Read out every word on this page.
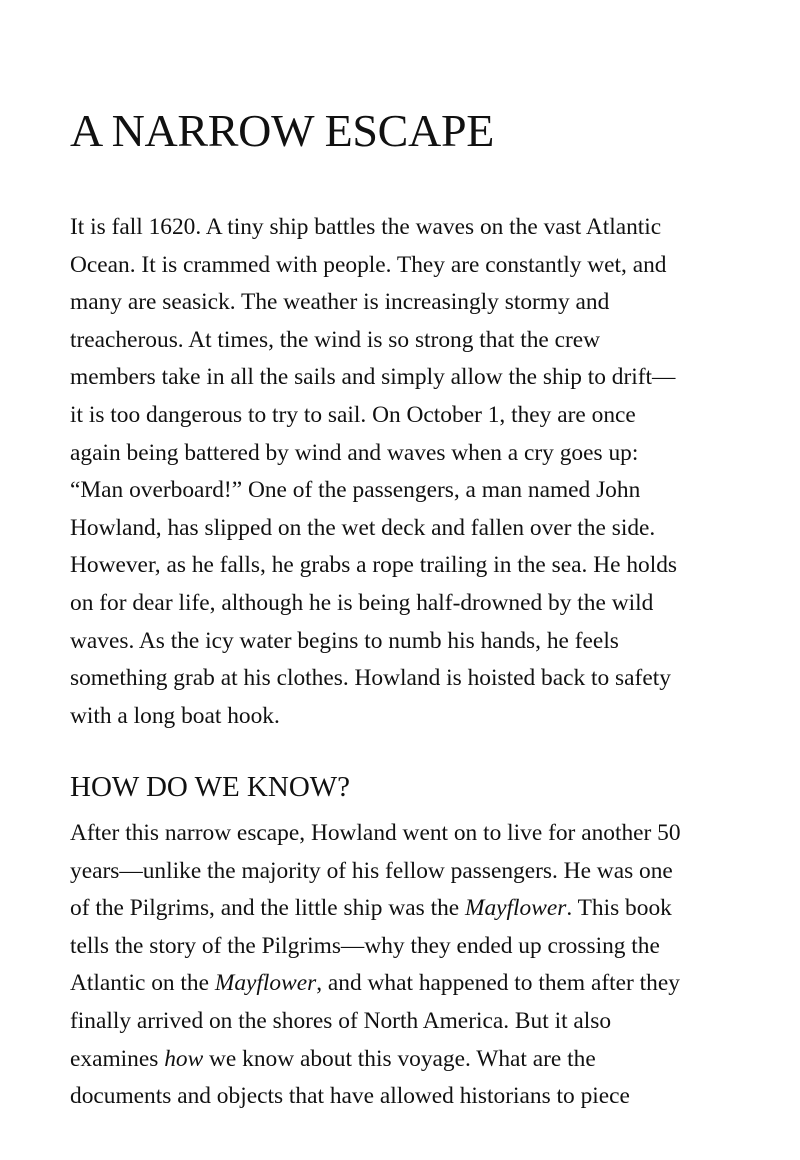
A NARROW ESCAPE

It is fall 1620. A tiny ship battles the waves on the vast Atlantic
Ocean. It is crammed with people. They are constantly wet, and
many are seasick. The weather is increasingly stormy and
treacherous. At times, the wind is so strong that the crew
members take in all the sails and simply allow the ship to drift—
it is too dangerous to try to sail. On October 1, they are once
again being battered by wind and waves when a cry goes up:
“Man overboard!” One of the passengers, a man named John
Howland, has slipped on the wet deck and fallen over the side.
However, as he falls, he grabs a rope trailing in the sea. He holds
on for dear life, although he is being half-drowned by the wild
waves. As the icy water begins to numb his hands, he feels
something grab at his clothes. Howland is hoisted back to safety
with a long boat hook.

HOW DO WE KNOW?

After this narrow escape, Howland went on to live for another 50
years—unlike the majority of his fellow passengers. He was one
of the Pilgrims, and the little ship was the Mayflower. This book
tells the story of the Pilgrims—why they ended up crossing the
Atlantic on the Mayflower, and what happened to them after they
finally arrived on the shores of North America. But it also
examines how we know about this voyage. What are the
documents and objects that have allowed historians to piece
